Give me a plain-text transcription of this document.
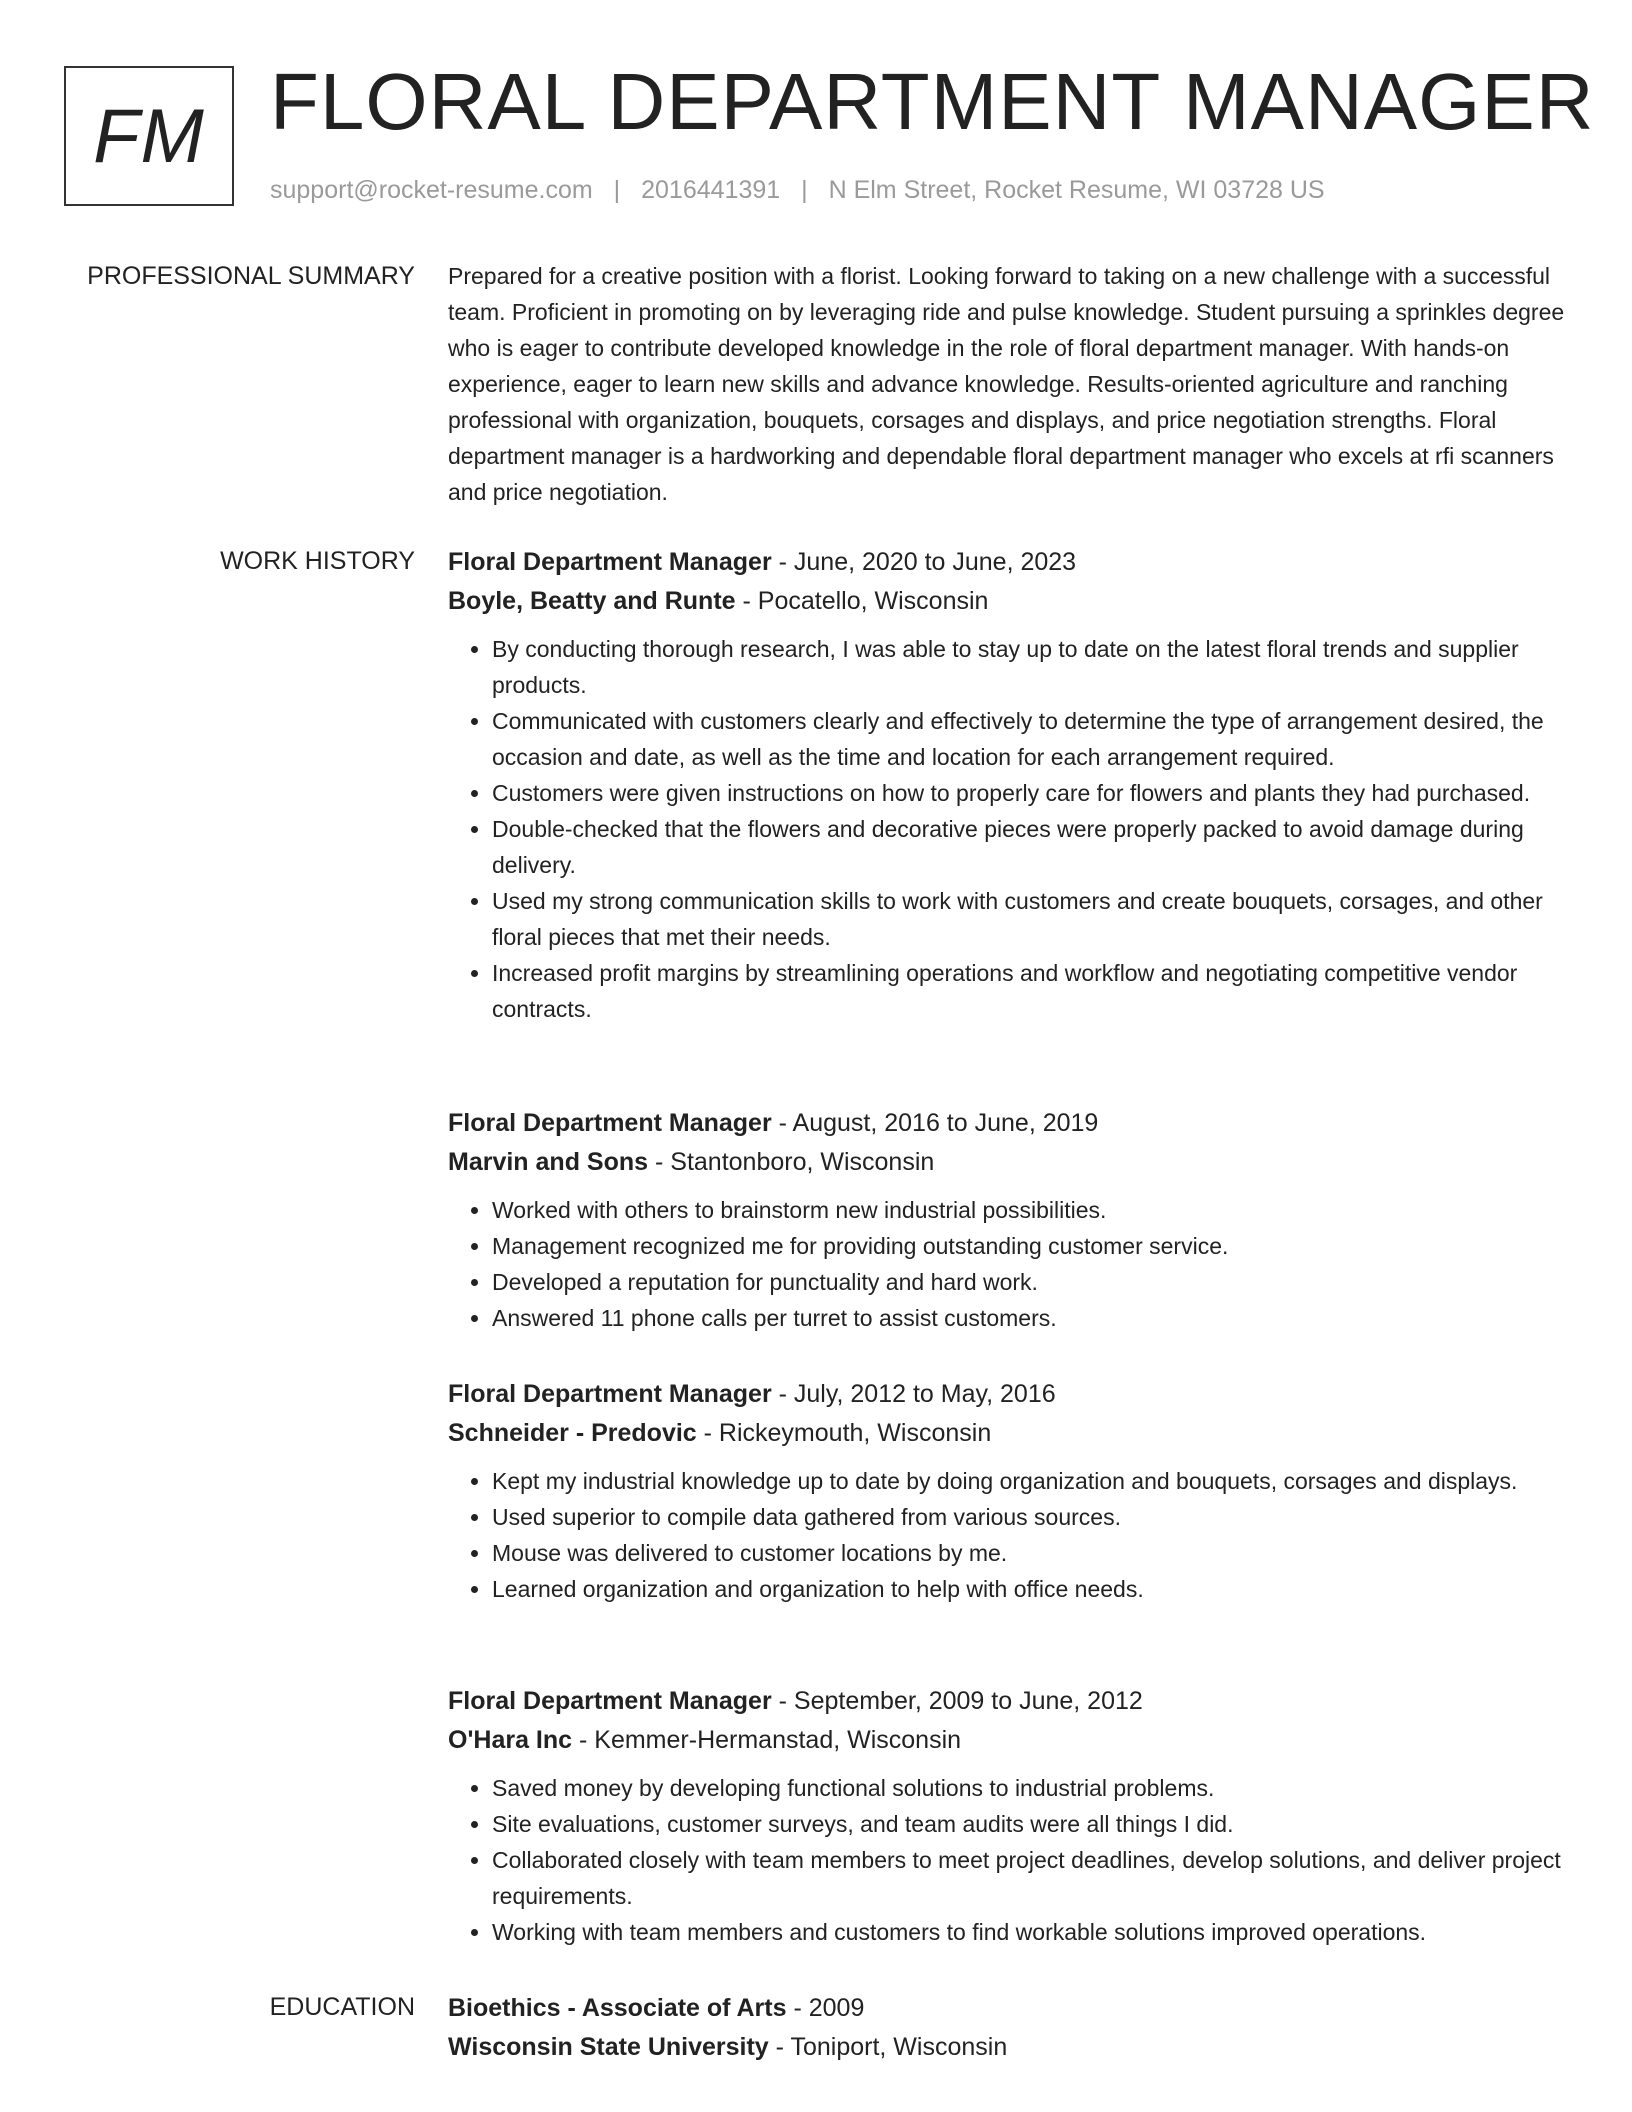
FM FLORAL DEPARTMENT MANAGER
support@rocket-resume.com | 2016441391 | N Elm Street, Rocket Resume, WI 03728 US
PROFESSIONAL SUMMARY Prepared for a creative position with a florist. Looking forward to taking on a new challenge with a successful team. Proficient in promoting on by leveraging ride and pulse knowledge. Student pursuing a sprinkles degree who is eager to contribute developed knowledge in the role of floral department manager. With hands-on experience, eager to learn new skills and advance knowledge. Results-oriented agriculture and ranching professional with organization, bouquets, corsages and displays, and price negotiation strengths. Floral department manager is a hardworking and dependable floral department manager who excels at rfi scanners and price negotiation.

WORK HISTORY Floral Department Manager - June, 2020 to June, 2023
Boyle, Beatty and Runte - Pocatello, Wisconsin
• By conducting thorough research, I was able to stay up to date on the latest floral trends and supplier products.
• Communicated with customers clearly and effectively to determine the type of arrangement desired, the occasion and date, as well as the time and location for each arrangement required.
• Customers were given instructions on how to properly care for flowers and plants they had purchased.
• Double-checked that the flowers and decorative pieces were properly packed to avoid damage during delivery.
• Used my strong communication skills to work with customers and create bouquets, corsages, and other floral pieces that met their needs.
• Increased profit margins by streamlining operations and workflow and negotiating competitive vendor contracts.
Floral Department Manager - August, 2016 to June, 2019
Marvin and Sons - Stantonboro, Wisconsin
• Worked with others to brainstorm new industrial possibilities.
• Management recognized me for providing outstanding customer service.
• Developed a reputation for punctuality and hard work.
• Answered 11 phone calls per turret to assist customers.
Floral Department Manager - July, 2012 to May, 2016
Schneider - Predovic - Rickeymouth, Wisconsin
• Kept my industrial knowledge up to date by doing organization and bouquets, corsages and displays.
• Used superior to compile data gathered from various sources.
• Mouse was delivered to customer locations by me.
• Learned organization and organization to help with office needs.
Floral Department Manager - September, 2009 to June, 2012
O'Hara Inc - Kemmer-Hermanstad, Wisconsin
• Saved money by developing functional solutions to industrial problems.
• Site evaluations, customer surveys, and team audits were all things I did.
• Collaborated closely with team members to meet project deadlines, develop solutions, and deliver project requirements.
• Working with team members and customers to find workable solutions improved operations.
EDUCATION Bioethics - Associate of Arts - 2009
Wisconsin State University - Toniport, Wisconsin
